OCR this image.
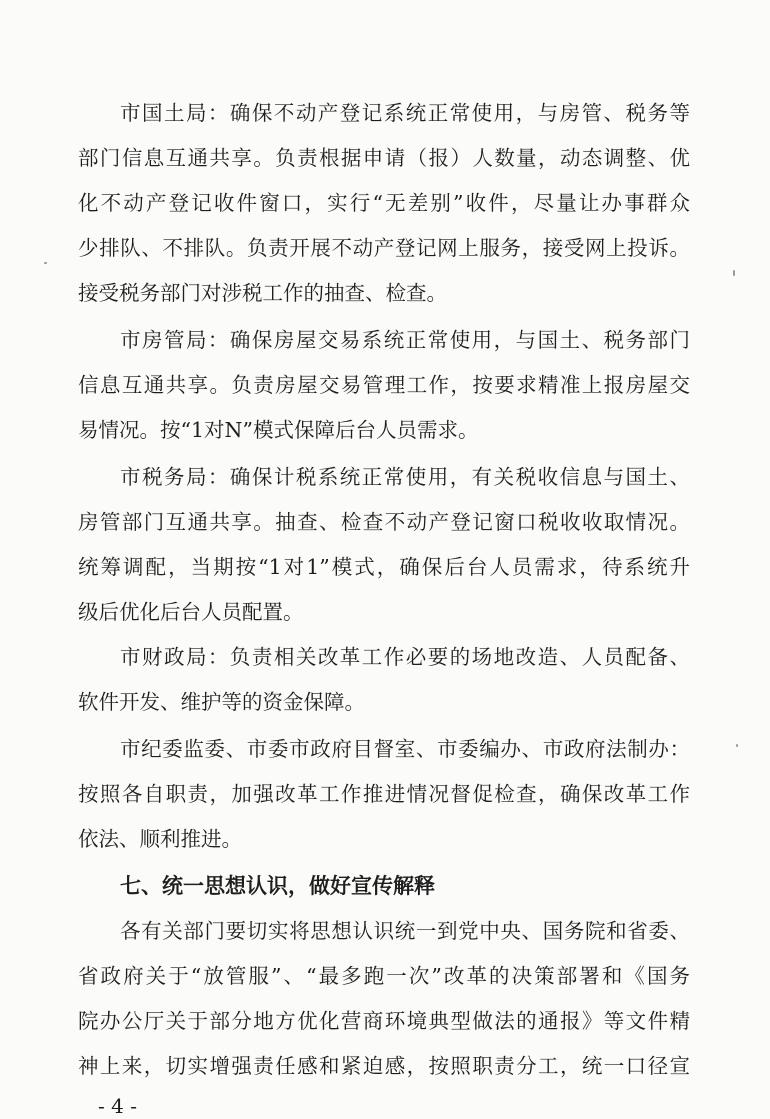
市国土局：确保不动产登记系统正常使用，与房管、税务等
部门信息互通共享。负责根据申请（报）人数量，动态调整、优
化不动产登记收件窗口，实行“无差别”收件，尽量让办事群众
少排队、不排队。负责开展不动产登记网上服务，接受网上投诉。
接受税务部门对涉税工作的抽查、检查。
市房管局：确保房屋交易系统正常使用，与国土、税务部门
信息互通共享。负责房屋交易管理工作，按要求精准上报房屋交
易情况。按“1对N”模式保障后台人员需求。
市税务局：确保计税系统正常使用，有关税收信息与国土、
房管部门互通共享。抽查、检查不动产登记窗口税收收取情况。
统筹调配，当期按“1对1”模式，确保后台人员需求，待系统升
级后优化后台人员配置。
市财政局：负责相关改革工作必要的场地改造、人员配备、
软件开发、维护等的资金保障。
市纪委监委、市委市政府目督室、市委编办、市政府法制办：
按照各自职责，加强改革工作推进情况督促检查，确保改革工作
依法、顺利推进。
七、统一思想认识，做好宣传解释
- 4 -
各有关部门要切实将思想认识统一到党中央、国务院和省委、
省政府关于“放管服”、“最多跑一次”改革的决策部署和《国务
院办公厅关于部分地方优化营商环境典型做法的通报》等文件精
神上来，切实增强责任感和紧迫感，按照职责分工，统一口径宣
